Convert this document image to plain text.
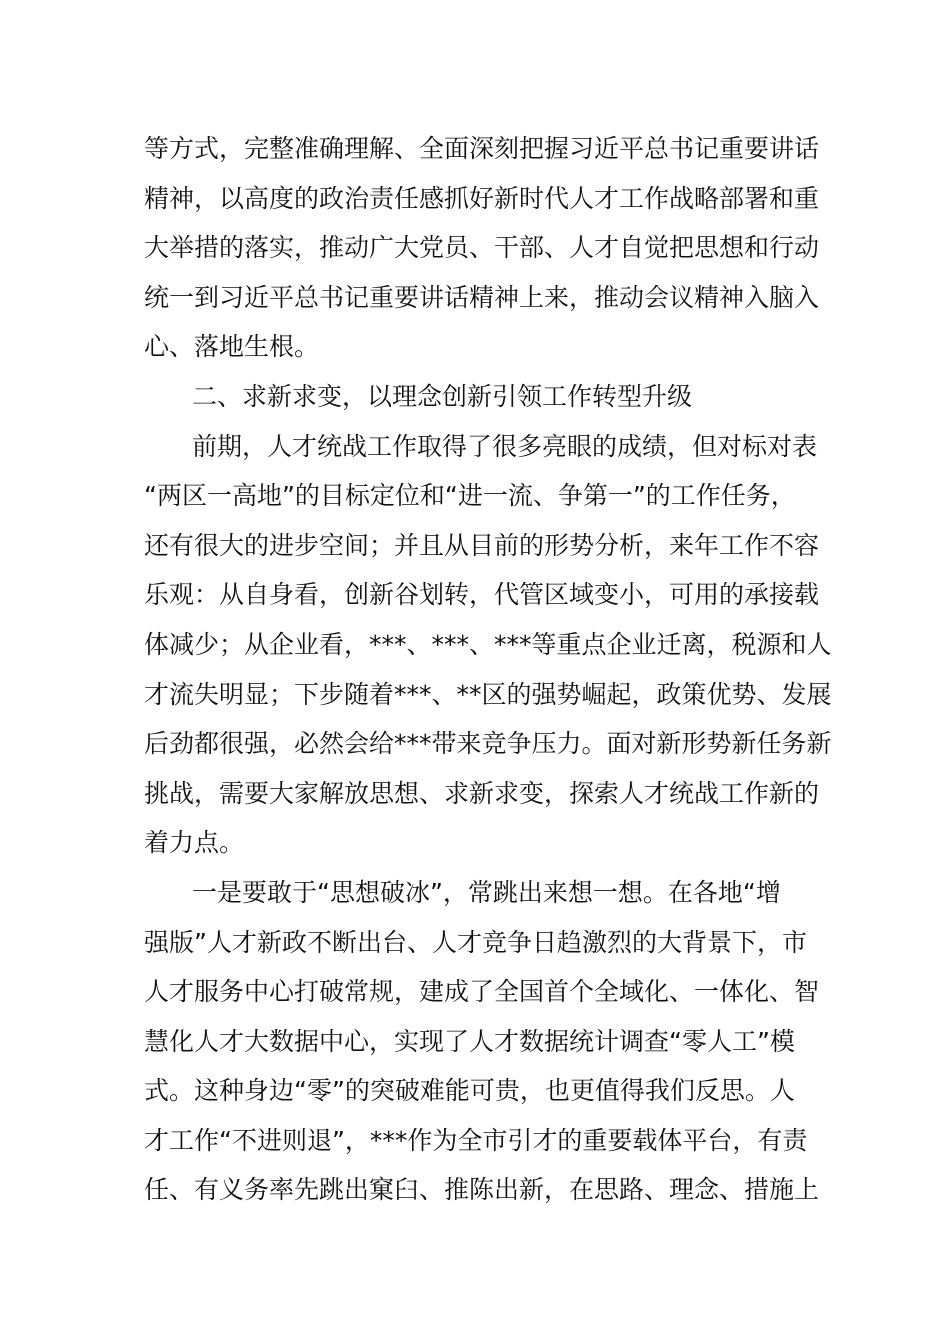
等方式，完整准确理解、全面深刻把握习近平总书记重要讲话
精神，以高度的政治责任感抓好新时代人才工作战略部署和重
大举措的落实，推动广大党员、干部、人才自觉把思想和行动
统一到习近平总书记重要讲话精神上来，推动会议精神入脑入
心、落地生根。
二、求新求变，以理念创新引领工作转型升级
前期，人才统战工作取得了很多亮眼的成绩，但对标对表
“两区一高地”的目标定位和“进一流、争第一”的工作任务，
还有很大的进步空间；并且从目前的形势分析，来年工作不容
乐观：从自身看，创新谷划转，代管区域变小，可用的承接载
体减少；从企业看，***、***、***等重点企业迁离，税源和人
才流失明显；下步随着***、**区的强势崛起，政策优势、发展
后劲都很强，必然会给***带来竞争压力。面对新形势新任务新
挑战，需要大家解放思想、求新求变，探索人才统战工作新的
着力点。
一是要敢于“思想破冰”，常跳出来想一想。在各地“增
强版”人才新政不断出台、人才竞争日趋激烈的大背景下，市
人才服务中心打破常规，建成了全国首个全域化、一体化、智
慧化人才大数据中心，实现了人才数据统计调查“零人工”模
式。这种身边“零”的突破难能可贵，也更值得我们反思。人
才工作“不进则退”，***作为全市引才的重要载体平台，有责
任、有义务率先跳出窠臼、推陈出新，在思路、理念、措施上
